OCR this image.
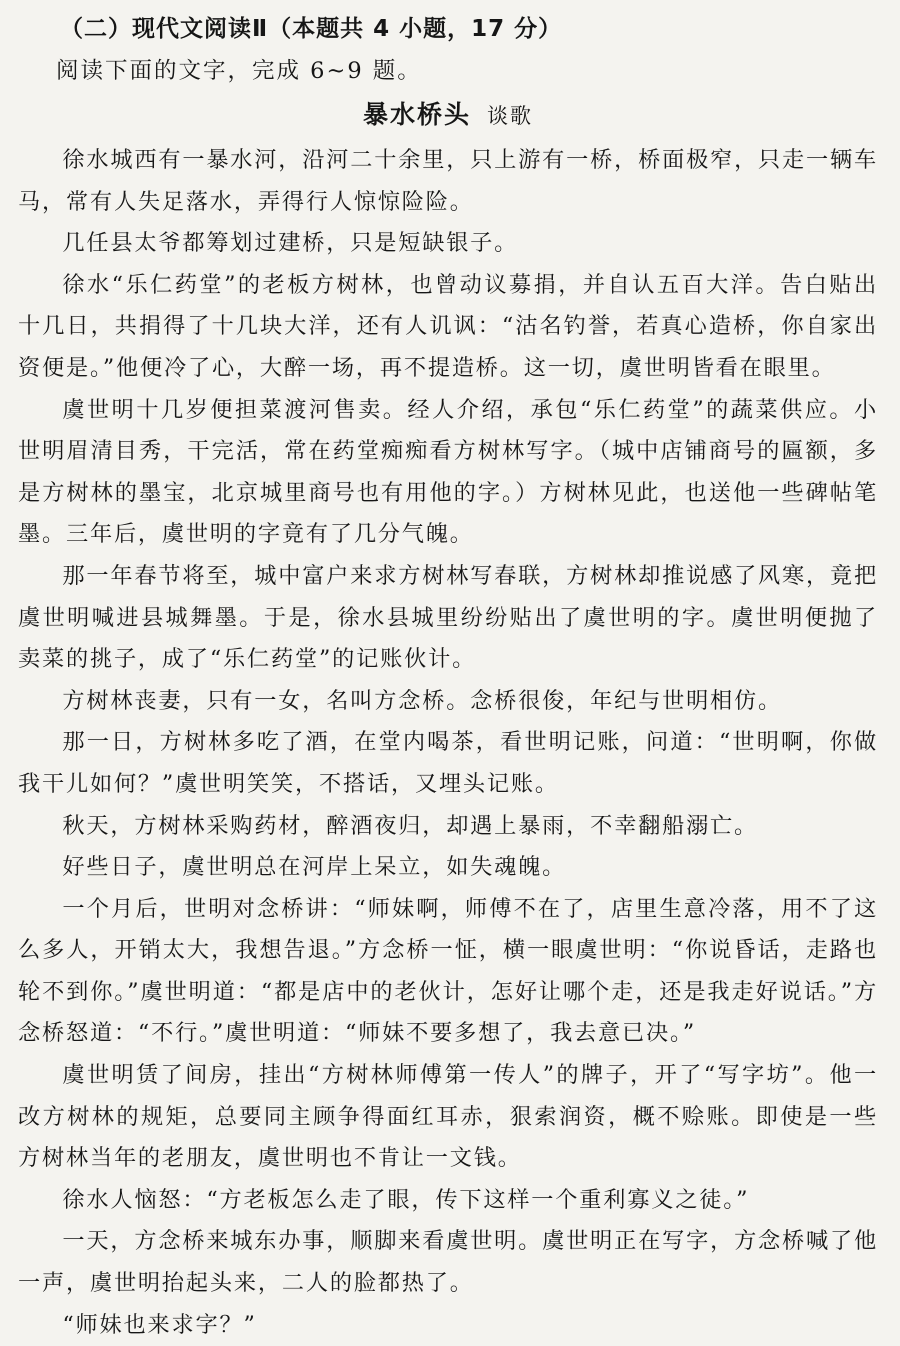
（二）现代文阅读Ⅱ（本题共 4 小题，17 分）
阅读下面的文字，完成 6~9 题。
暴水桥头 谈歌

徐水城西有一暴水河，沿河二十余里，只上游有一桥，桥面极窄，只走一辆车马，常有人失足落水，弄得行人惊惊险险。

几任县太爷都筹划过建桥，只是短缺银子。

徐水“乐仁药堂”的老板方树林，也曾动议募捐，并自认五百大洋。告白贴出十几日，共捐得了十几块大洋，还有人讥讽：“沽名钓誉，若真心造桥，你自家出资便是。”他便冷了心，大醉一场，再不提造桥。这一切，虞世明皆看在眼里。

虞世明十几岁便担菜渡河售卖。经人介绍，承包“乐仁药堂”的蔬菜供应。小世明眉清目秀，干完活，常在药堂痴痴看方树林写字。（城中店铺商号的匾额，多是方树林的墨宝，北京城里商号也有用他的字。）方树林见此，也送他一些碑帖笔墨。三年后，虞世明的字竟有了几分气魄。

那一年春节将至，城中富户来求方树林写春联，方树林却推说感了风寒，竟把虞世明喊进县城舞墨。于是，徐水县城里纷纷贴出了虞世明的字。虞世明便抛了卖菜的挑子，成了“乐仁药堂”的记账伙计。

方树林丧妻，只有一女，名叫方念桥。念桥很俊，年纪与世明相仿。

那一日，方树林多吃了酒，在堂内喝茶，看世明记账，问道：“世明啊，你做我干儿如何？”虞世明笑笑，不搭话，又埋头记账。

秋天，方树林采购药材，醉酒夜归，却遇上暴雨，不幸翻船溺亡。

好些日子，虞世明总在河岸上呆立，如失魂魄。

一个月后，世明对念桥讲：“师妹啊，师傅不在了，店里生意冷落，用不了这么多人，开销太大，我想告退。”方念桥一怔，横一眼虞世明：“你说昏话，走路也轮不到你。”虞世明道：“都是店中的老伙计，怎好让哪个走，还是我走好说话。”方念桥怒道：“不行。”虞世明道：“师妹不要多想了，我去意已决。”

虞世明赁了间房，挂出“方树林师傅第一传人”的牌子，开了“写字坊”。他一改方树林的规矩，总要同主顾争得面红耳赤，狠索润资，概不赊账。即使是一些方树林当年的老朋友，虞世明也不肯让一文钱。

徐水人恼怒：“方老板怎么走了眼，传下这样一个重利寡义之徒。”

一天，方念桥来城东办事，顺脚来看虞世明。虞世明正在写字，方念桥喊了他一声，虞世明抬起头来，二人的脸都热了。

“师妹也来求字？”
